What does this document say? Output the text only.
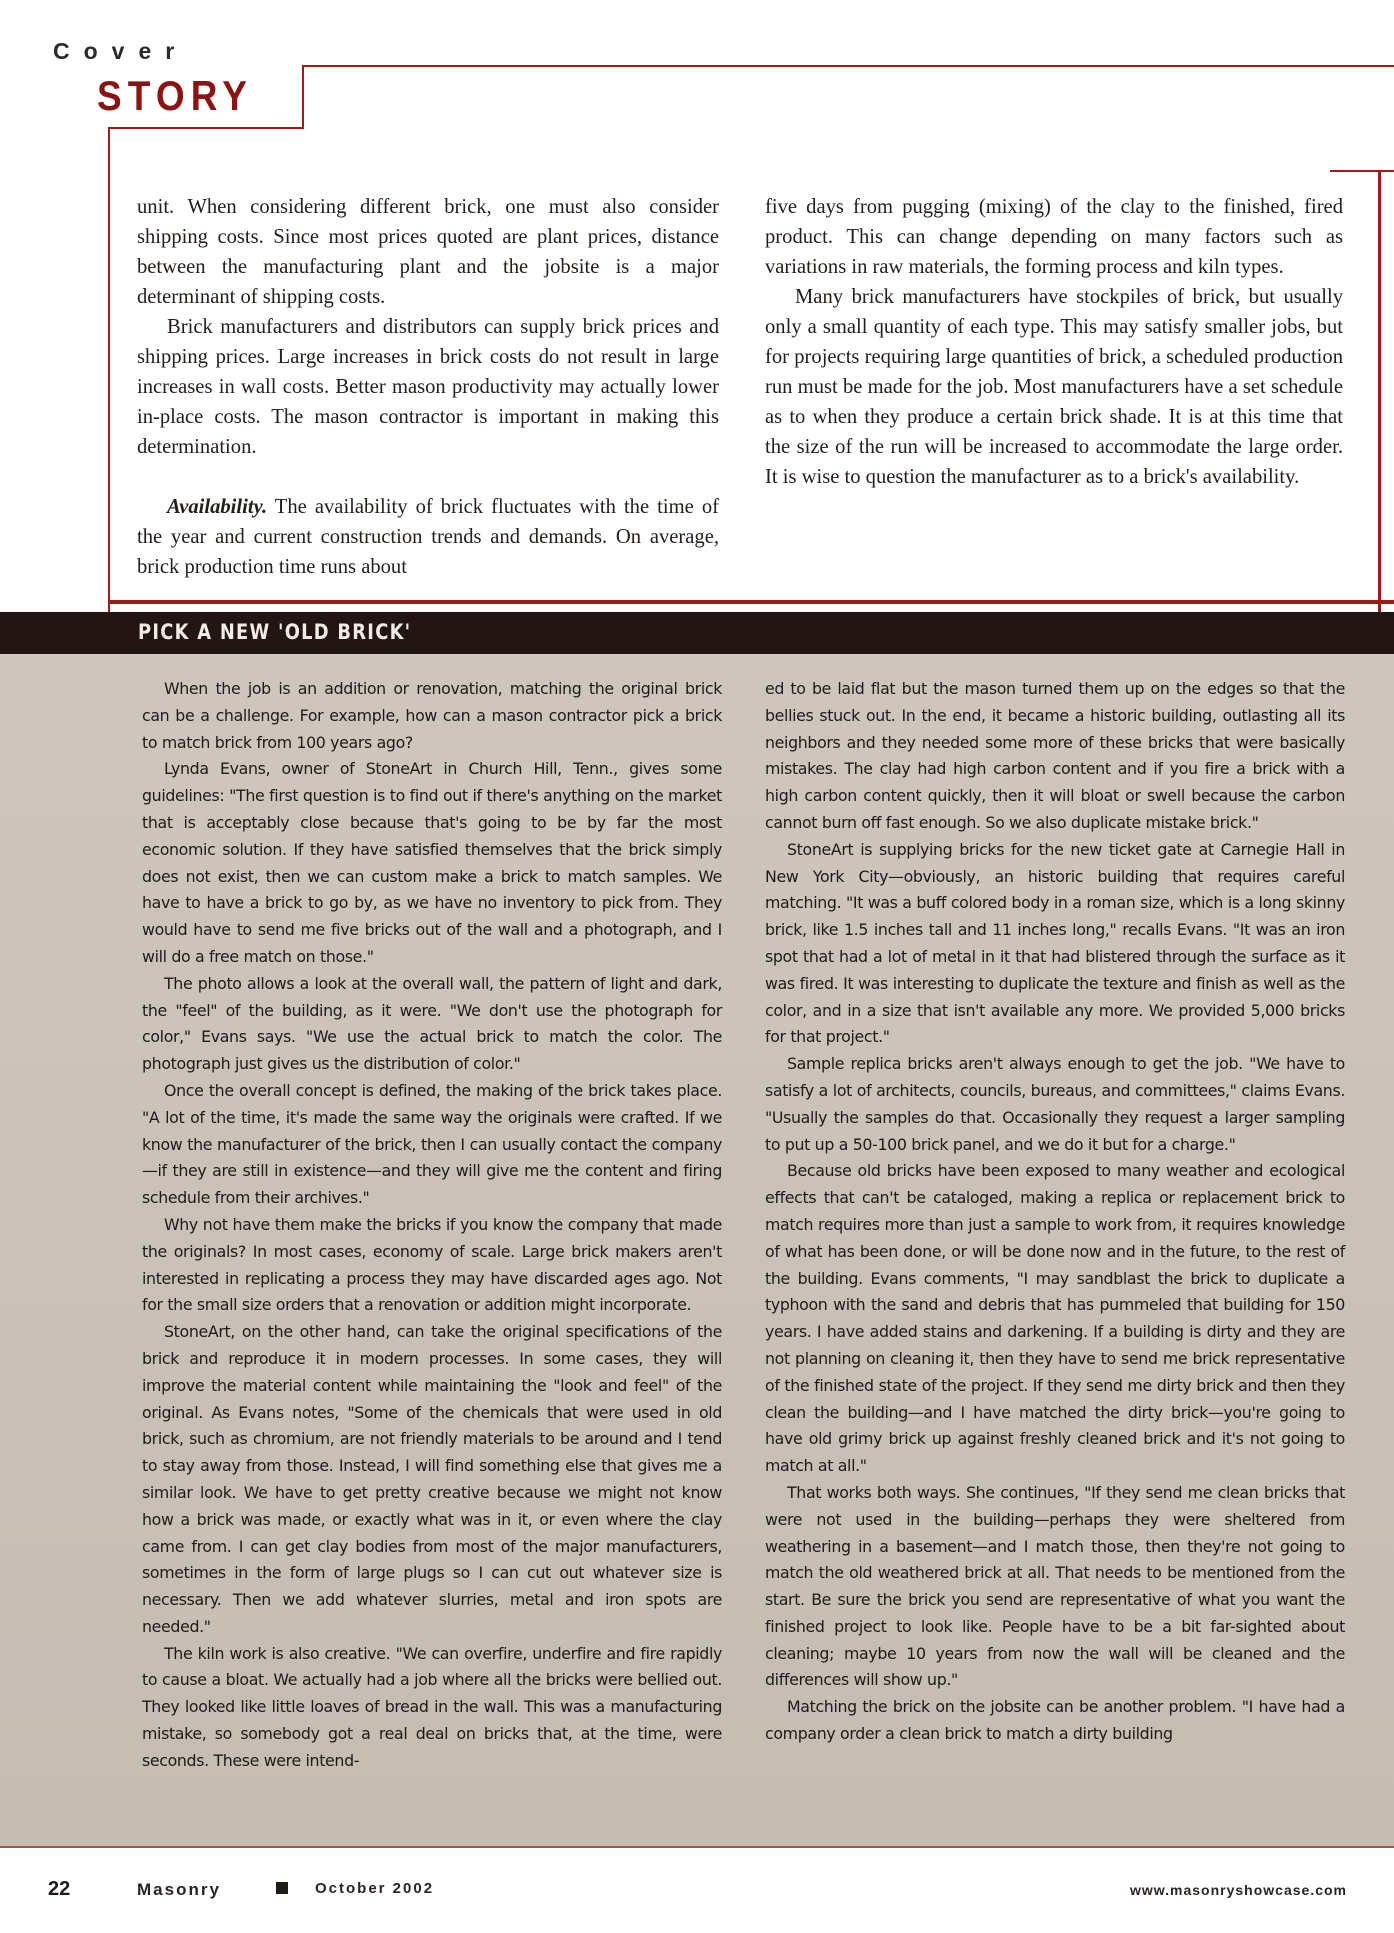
Cover
STORY

unit. When considering different brick, one must also consider shipping costs. Since most prices quoted are plant prices, distance between the manufacturing plant and the jobsite is a major determinant of shipping costs.

Brick manufacturers and distributors can supply brick prices and shipping prices. Large increases in brick costs do not result in large increases in wall costs. Better mason productivity may actually lower in-place costs. The mason contractor is important in making this determination.

Availability. The availability of brick fluctuates with the time of the year and current construction trends and demands. On average, brick production time runs about

five days from pugging (mixing) of the clay to the finished, fired product. This can change depending on many factors such as variations in raw materials, the forming process and kiln types.

Many brick manufacturers have stockpiles of brick, but usually only a small quantity of each type. This may satisfy smaller jobs, but for projects requiring large quantities of brick, a scheduled production run must be made for the job. Most manufacturers have a set schedule as to when they produce a certain brick shade. It is at this time that the size of the run will be increased to accommodate the large order. It is wise to question the manufacturer as to a brick's availability.

PICK A NEW 'OLD BRICK'

When the job is an addition or renovation, matching the original brick can be a challenge. For example, how can a mason contractor pick a brick to match brick from 100 years ago?

Lynda Evans, owner of StoneArt in Church Hill, Tenn., gives some guidelines: "The first question is to find out if there's anything on the market that is acceptably close because that's going to be by far the most economic solution. If they have satisfied themselves that the brick simply does not exist, then we can custom make a brick to match samples. We have to have a brick to go by, as we have no inventory to pick from. They would have to send me five bricks out of the wall and a photograph, and I will do a free match on those."

The photo allows a look at the overall wall, the pattern of light and dark, the "feel" of the building, as it were. "We don't use the photograph for color," Evans says. "We use the actual brick to match the color. The photograph just gives us the distribution of color."

Once the overall concept is defined, the making of the brick takes place. "A lot of the time, it's made the same way the originals were crafted. If we know the manufacturer of the brick, then I can usually contact the company—if they are still in existence—and they will give me the content and firing schedule from their archives."

Why not have them make the bricks if you know the company that made the originals? In most cases, economy of scale. Large brick makers aren't interested in replicating a process they may have discarded ages ago. Not for the small size orders that a renovation or addition might incorporate.

StoneArt, on the other hand, can take the original specifications of the brick and reproduce it in modern processes. In some cases, they will improve the material content while maintaining the "look and feel" of the original. As Evans notes, "Some of the chemicals that were used in old brick, such as chromium, are not friendly materials to be around and I tend to stay away from those. Instead, I will find something else that gives me a similar look. We have to get pretty creative because we might not know how a brick was made, or exactly what was in it, or even where the clay came from. I can get clay bodies from most of the major manufacturers, sometimes in the form of large plugs so I can cut out whatever size is necessary. Then we add whatever slurries, metal and iron spots are needed."

The kiln work is also creative. "We can overfire, underfire and fire rapidly to cause a bloat. We actually had a job where all the bricks were bellied out. They looked like little loaves of bread in the wall. This was a manufacturing mistake, so somebody got a real deal on bricks that, at the time, were seconds. These were intend-

ed to be laid flat but the mason turned them up on the edges so that the bellies stuck out. In the end, it became a historic building, outlasting all its neighbors and they needed some more of these bricks that were basically mistakes. The clay had high carbon content and if you fire a brick with a high carbon content quickly, then it will bloat or swell because the carbon cannot burn off fast enough. So we also duplicate mistake brick."

StoneArt is supplying bricks for the new ticket gate at Carnegie Hall in New York City—obviously, an historic building that requires careful matching. "It was a buff colored body in a roman size, which is a long skinny brick, like 1.5 inches tall and 11 inches long," recalls Evans. "It was an iron spot that had a lot of metal in it that had blistered through the surface as it was fired. It was interesting to duplicate the texture and finish as well as the color, and in a size that isn't available any more. We provided 5,000 bricks for that project."

Sample replica bricks aren't always enough to get the job. "We have to satisfy a lot of architects, councils, bureaus, and committees," claims Evans. "Usually the samples do that. Occasionally they request a larger sampling to put up a 50-100 brick panel, and we do it but for a charge."

Because old bricks have been exposed to many weather and ecological effects that can't be cataloged, making a replica or replacement brick to match requires more than just a sample to work from, it requires knowledge of what has been done, or will be done now and in the future, to the rest of the building. Evans comments, "I may sandblast the brick to duplicate a typhoon with the sand and debris that has pummeled that building for 150 years. I have added stains and darkening. If a building is dirty and they are not planning on cleaning it, then they have to send me brick representative of the finished state of the project. If they send me dirty brick and then they clean the building—and I have matched the dirty brick—you're going to have old grimy brick up against freshly cleaned brick and it's not going to match at all."

That works both ways. She continues, "If they send me clean bricks that were not used in the building—perhaps they were sheltered from weathering in a basement—and I match those, then they're not going to match the old weathered brick at all. That needs to be mentioned from the start. Be sure the brick you send are representative of what you want the finished project to look like. People have to be a bit far-sighted about cleaning; maybe 10 years from now the wall will be cleaned and the differences will show up."

Matching the brick on the jobsite can be another problem. "I have had a company order a clean brick to match a dirty building

22	Masonry	October 2002	www.masonryshowcase.com
